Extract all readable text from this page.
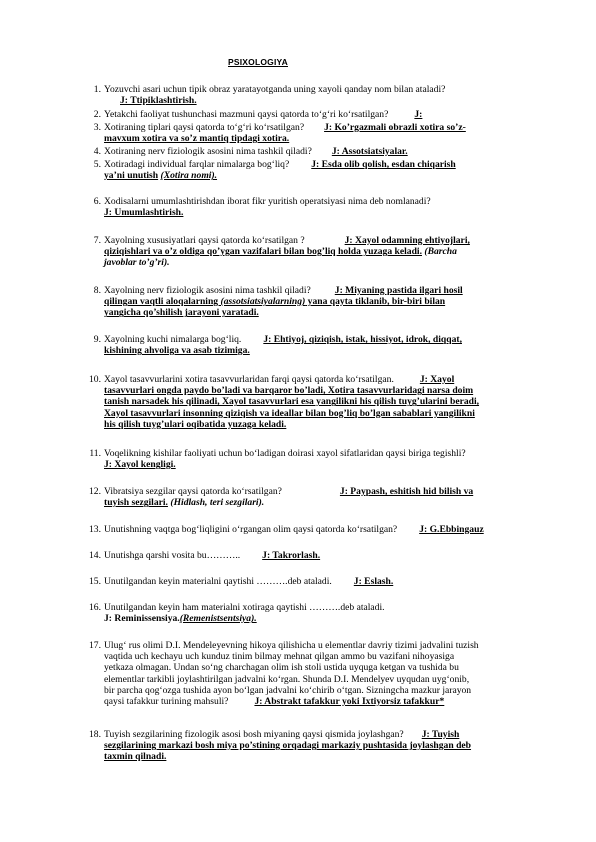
PSIXOLOGIYA
1. Yozuvchi asari uchun tipik obraz yaratayotganda uning xayoli qanday nom bilan ataladi?
J: Ttipiklashtirish.
2. Yetakchi faoliyat tushunchasi mazmuni qaysi qatorda to‘g‘ri ko‘rsatilgan?	J:
3. Xotiraning tiplari qaysi qatorda to‘g‘ri ko‘rsatilgan? J: Ko’rgazmali obrazli xotira so’z-
mavxum xotira va so’z mantiq tipdagi xotira.
4. Xotiraning nerv fiziologik asosini nima tashkil qiladi? J: Assotsiatsiyalar.
5. Xotiradagi individual farqlar nimalarga bog‘liq? J: Esda olib qolish, esdan chiqarish
ya’ni unutish (Xotira nomi).
6. Xodisalarni umumlashtirishdan iborat fikr yuritish operatsiyasi nima deb nomlanadi?
J: Umumlashtirish.
7. Xayolning xususiyatlari qaysi qatorda ko‘rsatilgan ?	J: Xayol odamning ehtiyojlari,
qiziqishlari va o’z oldiga qo’ygan vazifalari bilan bog’liq holda yuzaga keladi. (Barcha
javoblar to’g’ri).
8. Xayolning nerv fiziologik asosini nima tashkil qiladi?	J: Miyaning pastida ilgari hosil
qilingan vaqtli aloqalarning (assotsiatsiyalarning) yana qayta tiklanib, bir-biri bilan
yangicha qo’shilish jarayoni yaratadi.
9. Xayolning kuchi nimalarga bog‘liq. J: Ehtiyoj, qiziqish, istak, hissiyot, idrok, diqqat,
kishining ahvoliga va asab tizimiga.
10. Xayol tasavvurlarini xotira tasavvurlaridan farqi qaysi qatorda ko‘rsatilgan.	J: Xayol
tasavvurlari ongda paydo bo’ladi va barqaror bo’ladi, Xotira tasavvurlaridagi narsa doim
tanish narsadek his qilinadi, Xayol tasavvurlari esa yangilikni his qilish tuyg’ularini beradi,
Xayol tasavvurlari insonning qiziqish va ideallar bilan bog’liq bo’lgan sabablari yangilikni
his qilish tuyg’ulari oqibatida yuzaga keladi.
11. Voqelikning kishilar faoliyati uchun bo‘ladigan doirasi xayol sifatlaridan qaysi biriga tegishli?
J: Xayol kengligi.
12. Vibratsiya sezgilar qaysi qatorda ko‘rsatilgan?	J: Paypash, eshitish hid bilish va
tuyish sezgilari. (Hidlash, teri sezgilari).
13. Unutishning vaqtga bog‘liqligini o‘rgangan olim qaysi qatorda ko‘rsatilgan? J: G.Ebbingauz
14. Unutishga qarshi vosita bu……….. J: Takrorlash.
15. Unutilgandan keyin materialni qaytishi ……….deb ataladi. J: Eslash.
16. Unutilgandan keyin ham materialni xotiraga qaytishi ……….deb ataladi.
J: Reminissensiya.(Remenistsentsiya).
17. Ulug‘ rus olimi D.I. Mendeleyevning hikoya qilishicha u elementlar davriy tizimi jadvalini tuzish
vaqtida uch kechayu uch kunduz tinim bilmay mehnat qilgan ammo bu vazifani nihoyasiga
yetkaza olmagan. Undan so‘ng charchagan olim ish stoli ustida uyquga ketgan va tushida bu
elementlar tarkibli joylashtirilgan jadvalni ko‘rgan. Shunda D.I. Mendelyev uyqudan uyg‘onib,
bir parcha qog‘ozga tushida ayon bo‘lgan jadvalni ko‘chirib o‘tgan. Sizningcha mazkur jarayon
qaysi tafakkur turining mahsuli?	J: Abstrakt tafakkur yoki Ixtiyorsiz tafakkur*
18. Tuyish sezgilarining fizologik asosi bosh miyaning qaysi qismida joylashgan? J: Tuyish
sezgilarining markazi bosh miya po’stining orqadagi markaziy pushtasida joylashgan deb
taxmin qilnadi.
